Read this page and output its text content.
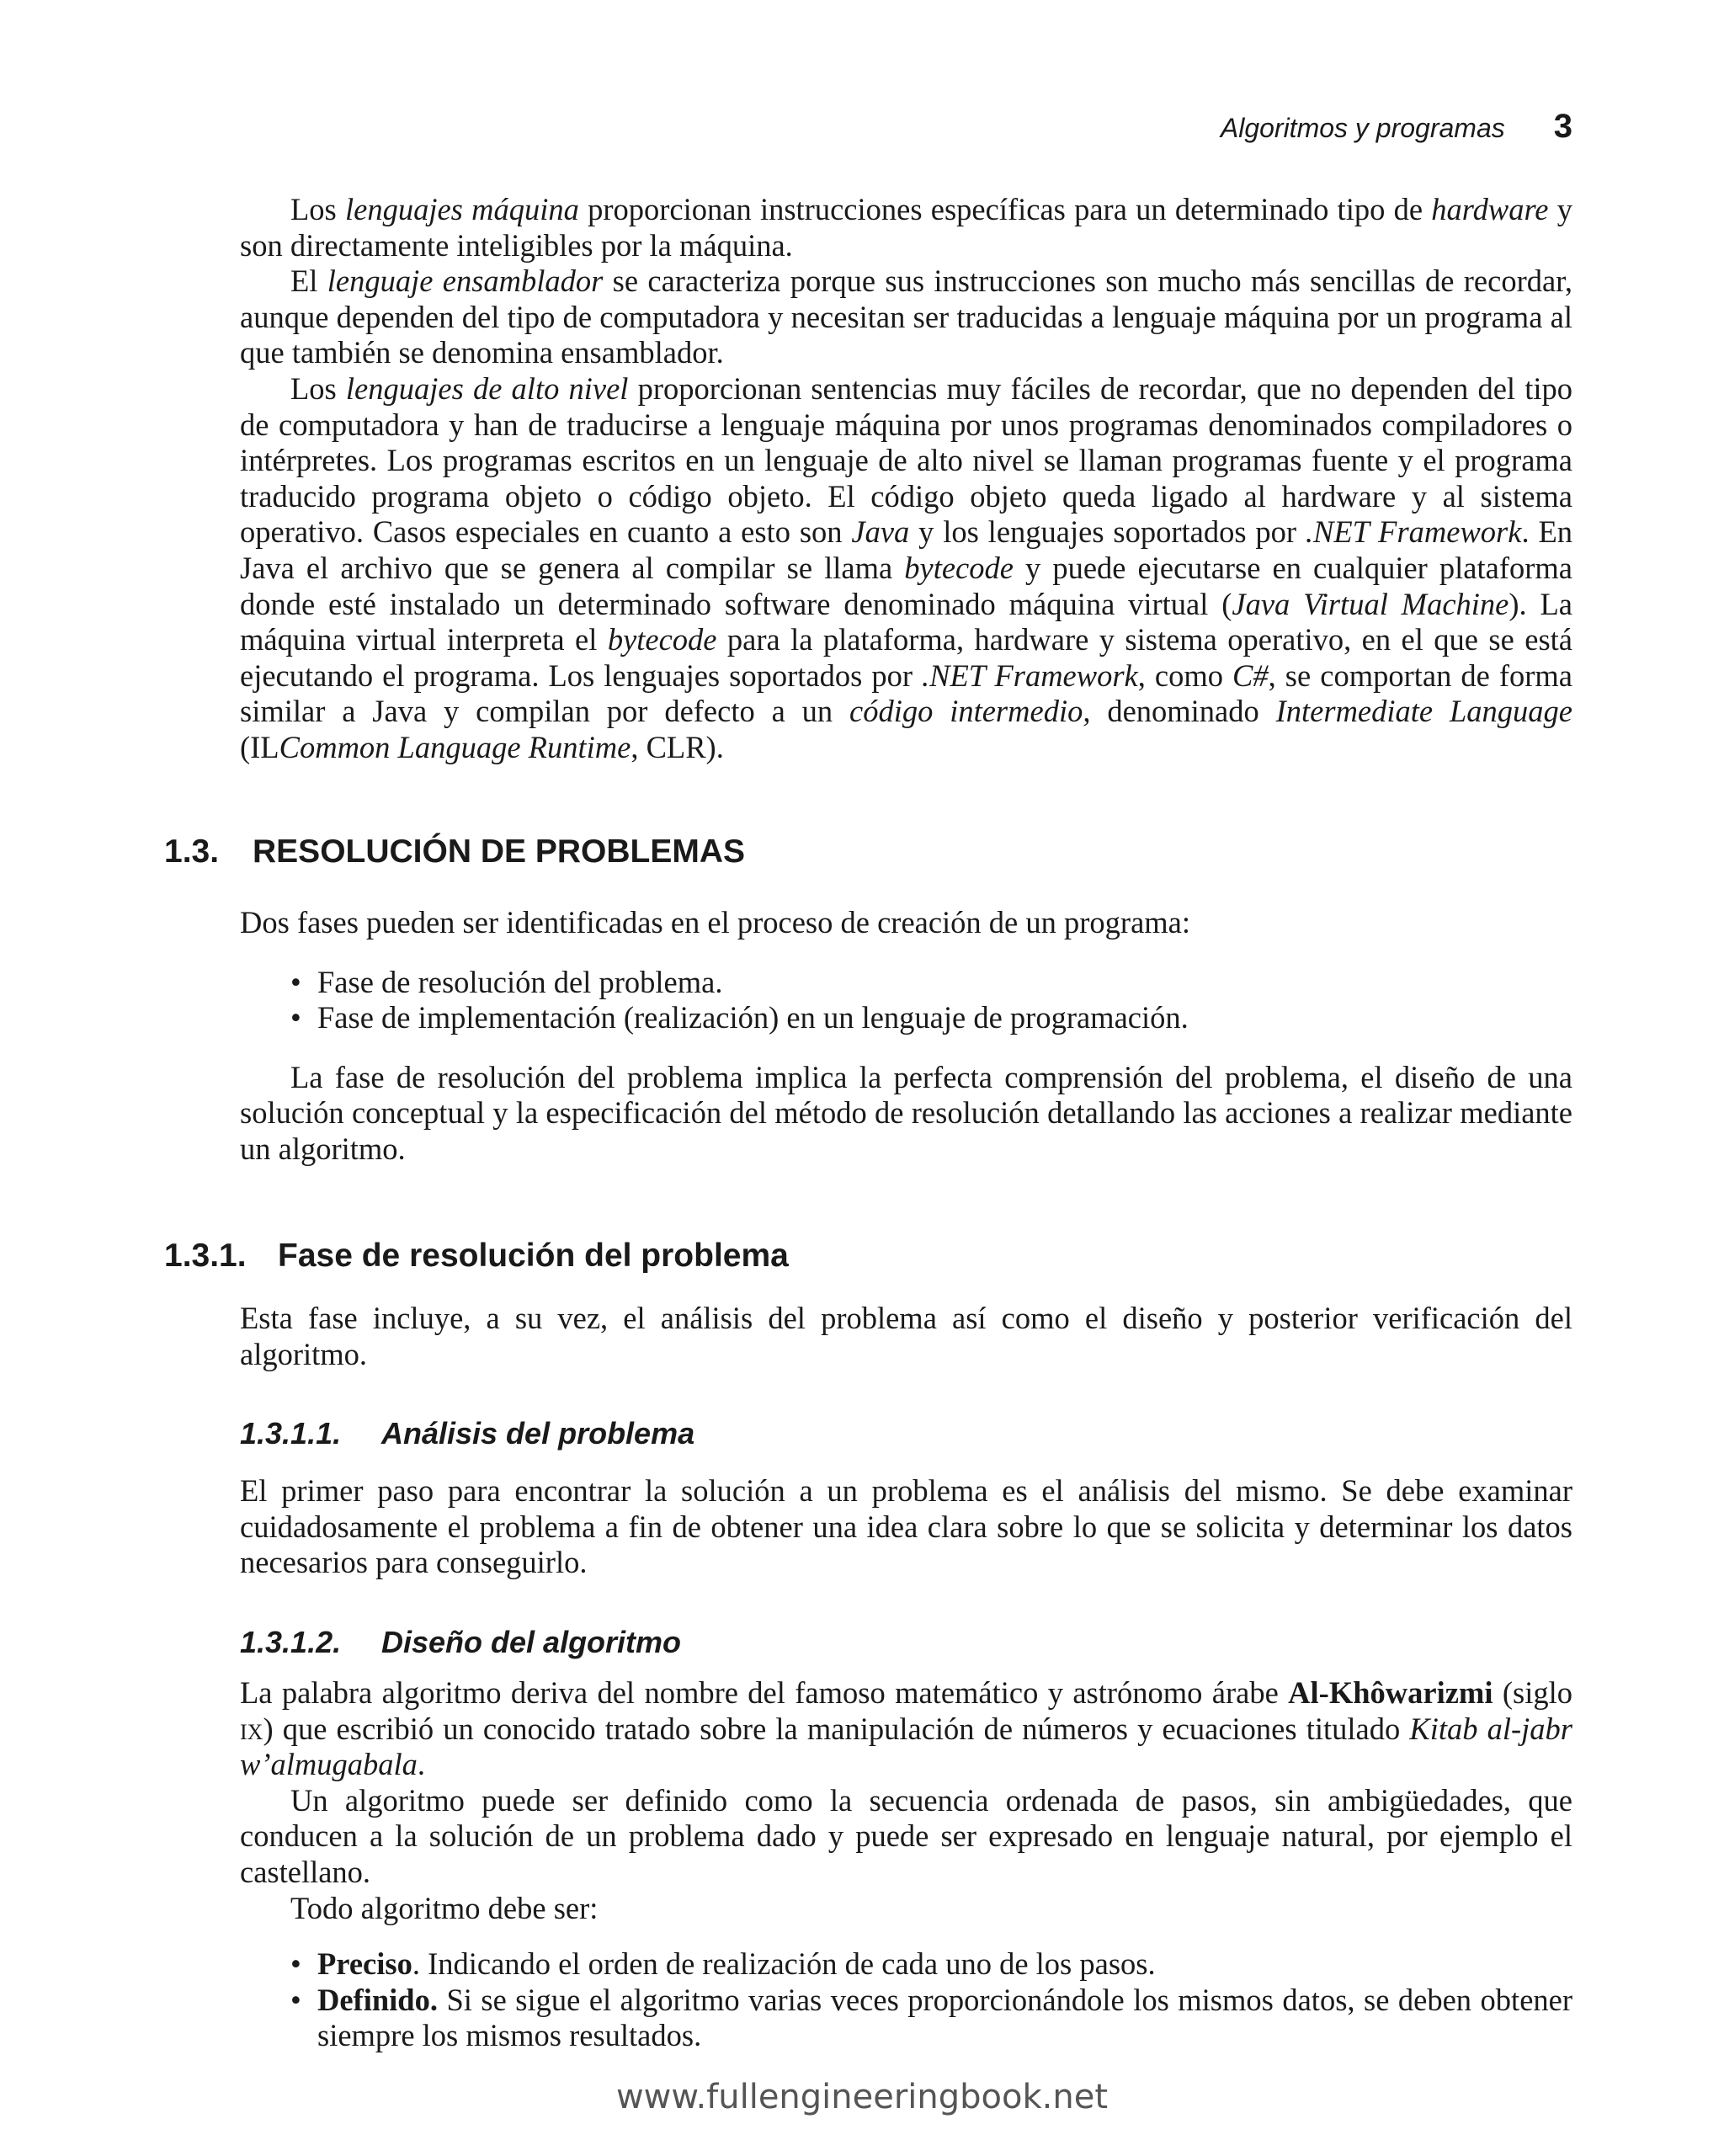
Algoritmos y programas 3

Los lenguajes máquina proporcionan instrucciones específicas para un determinado tipo de hardware y son directamente inteligibles por la máquina.

El lenguaje ensamblador se caracteriza porque sus instrucciones son mucho más sencillas de recordar, aunque dependen del tipo de computadora y necesitan ser traducidas a lenguaje máquina por un programa al que también se denomina ensamblador.

Los lenguajes de alto nivel proporcionan sentencias muy fáciles de recordar, que no dependen del tipo de computadora y han de traducirse a lenguaje máquina por unos programas denominados compiladores o intérpretes. Los programas escritos en un lenguaje de alto nivel se llaman programas fuente y el programa traducido programa objeto o código objeto. El código objeto queda ligado al hardware y al sistema operativo. Casos especiales en cuanto a esto son Java y los lenguajes soportados por .NET Framework. En Java el archivo que se genera al compilar se llama bytecode y puede ejecutarse en cualquier plataforma donde esté instalado un determinado software denominado máquina virtual (Java Virtual Machine). La máquina virtual interpreta el bytecode para la plataforma, hardware y sistema operativo, en el que se está ejecutando el programa. Los lenguajes soportados por .NET Framework, como C#, se comportan de forma similar a Java y compilan por defecto a un código intermedio, denominado Intermediate Language (ILCommon Language Runtime, CLR).

1.3. RESOLUCIÓN DE PROBLEMAS

Dos fases pueden ser identificadas en el proceso de creación de un programa:

• Fase de resolución del problema.
• Fase de implementación (realización) en un lenguaje de programación.

La fase de resolución del problema implica la perfecta comprensión del problema, el diseño de una solución conceptual y la especificación del método de resolución detallando las acciones a realizar mediante un algoritmo.

1.3.1. Fase de resolución del problema

Esta fase incluye, a su vez, el análisis del problema así como el diseño y posterior verificación del algoritmo.

1.3.1.1. Análisis del problema

El primer paso para encontrar la solución a un problema es el análisis del mismo. Se debe examinar cuidadosamente el problema a fin de obtener una idea clara sobre lo que se solicita y determinar los datos necesarios para conseguirlo.

1.3.1.2. Diseño del algoritmo

La palabra algoritmo deriva del nombre del famoso matemático y astrónomo árabe Al-Khôwarizmi (siglo ix) que escribió un conocido tratado sobre la manipulación de números y ecuaciones titulado Kitab al-jabr w’almugabala.

Un algoritmo puede ser definido como la secuencia ordenada de pasos, sin ambigüedades, que conducen a la solución de un problema dado y puede ser expresado en lenguaje natural, por ejemplo el castellano.

Todo algoritmo debe ser:

• Preciso. Indicando el orden de realización de cada uno de los pasos.
• Definido. Si se sigue el algoritmo varias veces proporcionándole los mismos datos, se deben obtener siempre los mismos resultados.
www.fullengineeringbook.net
